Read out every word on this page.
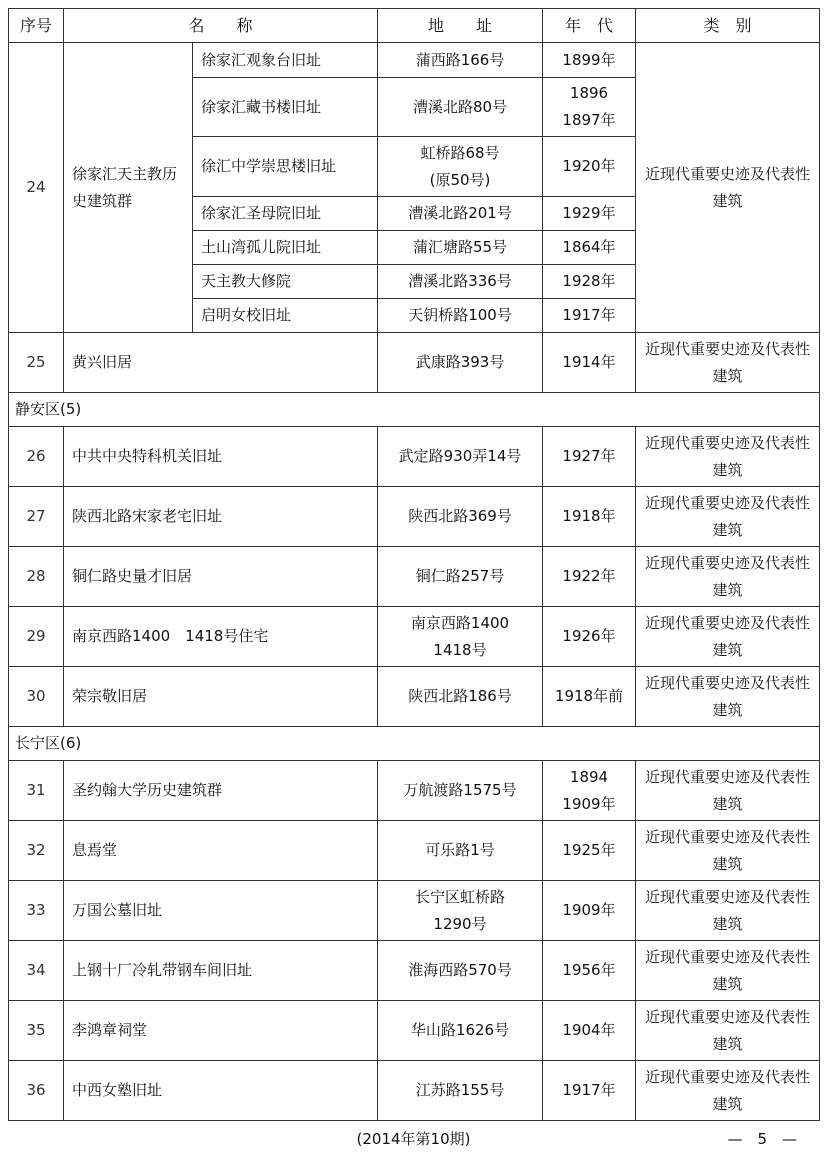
序号	名　　称		地　　址	年　代	类　别
24	徐家汇天主教历史建筑群	徐家汇观象台旧址	蒲西路166号	1899年	近现代重要史迹及代表性建筑
		徐家汇藏书楼旧址	漕溪北路80号	1896
1897年	

		徐汇中学崇思楼旧址	虹桥路68号
(原50号)	1920年	
		徐家汇圣母院旧址	漕溪北路201号	1929年	
		土山湾孤儿院旧址	蒲汇塘路55号	1864年	
		天主教大修院	漕溪北路336号	1928年	
		启明女校旧址	天钥桥路100号	1917年	
25	黄兴旧居		武康路393号	1914年	近现代重要史迹及代表性建筑
静安区(5)					
26	中共中央特科机关旧址		武定路930弄14号	1927年	近现代重要史迹及代表性建筑
27	陕西北路宋家老宅旧址		陕西北路369号	1918年	近现代重要史迹及代表性建筑
28	铜仁路史量才旧居		铜仁路257号	1922年	近现代重要史迹及代表性建筑
29	南京西路1400　1418号住宅		南京西路1400
1418号	1926年	近现代重要史迹及代表性建筑
30	荣宗敬旧居		陕西北路186号	1918年前	近现代重要史迹及代表性建筑
长宁区(6)					
31	圣约翰大学历史建筑群		万航渡路1575号	1894
1909年	近现代重要史迹及代表性建筑
32	息焉堂		可乐路1号	1925年	近现代重要史迹及代表性建筑
33	万国公墓旧址		长宁区虹桥路
1290号	1909年	近现代重要史迹及代表性建筑
34	上钢十厂冷轧带钢车间旧址		淮海西路570号	1956年	近现代重要史迹及代表性建筑
35	李鸿章祠堂		华山路1626号	1904年	近现代重要史迹及代表性建筑
36	中西女塾旧址		江苏路155号	1917年	近现代重要史迹及代表性建筑
(2014年第10期)	—　5　—
